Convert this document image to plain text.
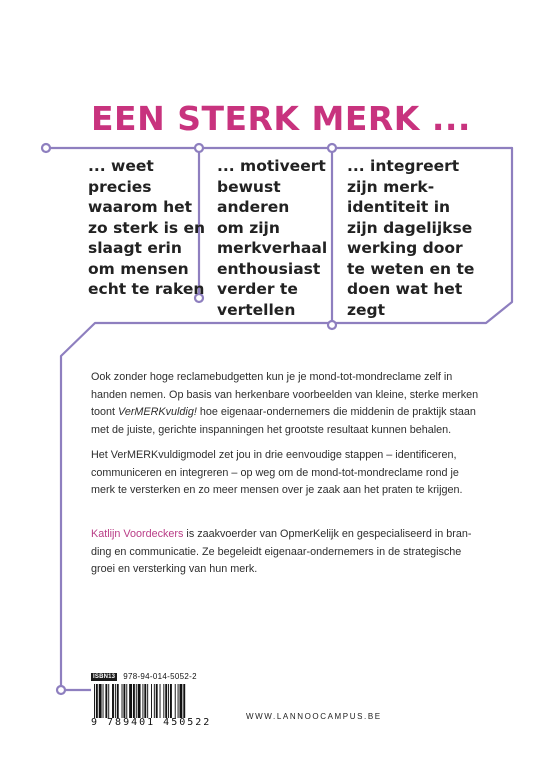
EEN STERK MERK ...

... weet

precies

waarom het

zo sterk is en

slaagt erin

om mensen

echt te raken

... motiveert

bewust

anderen

om zijn

merkverhaal

enthousiast

verder te

vertellen

... integreert

zijn merk-

identiteit in

zijn dagelijkse

werking door

te weten en te

doen wat het

zegt

Ook zonder hoge reclamebudgetten kun je je mond-tot-mondreclame zelf in

handen nemen. Op basis van herkenbare voorbeelden van kleine, sterke merken

toont VerMERKvuldig! hoe eigenaar-ondernemers die middenin de praktijk staan

met de juiste, gerichte inspanningen het grootste resultaat kunnen behalen.

Het VerMERKvuldigmodel zet jou in drie eenvoudige stappen – identificeren,

communiceren en integreren – op weg om de mond-tot-mondreclame rond je

merk te versterken en zo meer mensen over je zaak aan het praten te krijgen.

Katlijn Voordeckers is zaakvoerder van OpmerKelijk en gespecialiseerd in bran-

ding en communicatie. Ze begeleidt eigenaar-ondernemers in de strategische

groei en versterking van hun merk.

ISBN13 978-94-014-5052-2
9 789401 450522
WWW.LANNOOCAMPUS.BE
